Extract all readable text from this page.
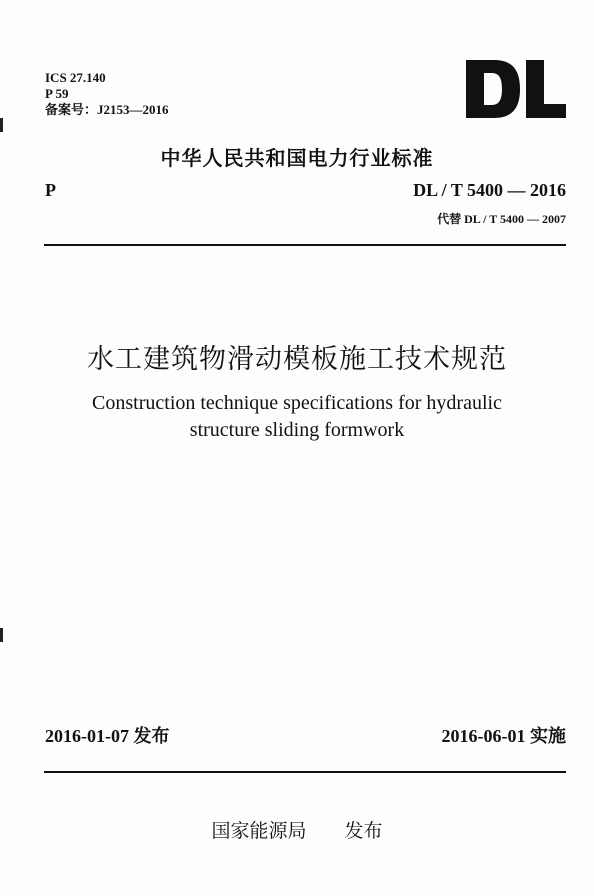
ICS 27.140
P 59
备案号：J2153—2016
中华人民共和国电力行业标准
P	DL / T 5400 — 2016
代替 DL / T 5400 — 2007
水工建筑物滑动模板施工技术规范
Construction technique specifications for hydraulic
structure sliding formwork
2016-01-07 发布	2016-06-01 实施
国家能源局 发布
